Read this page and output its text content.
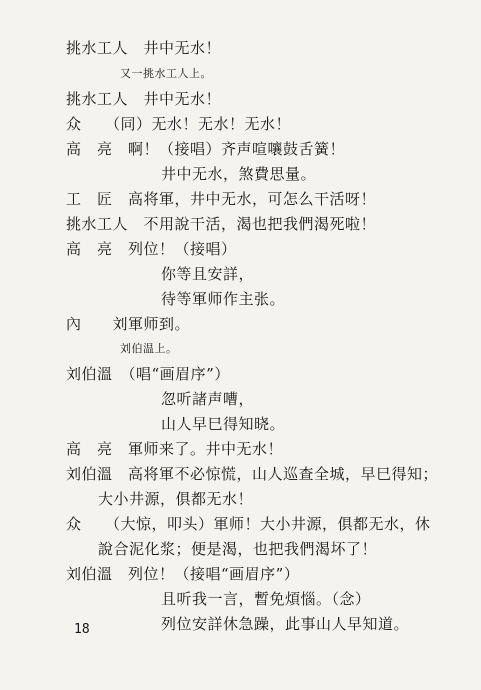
挑水工人　井中无水！
又一挑水工人上。
挑水工人　井中无水！
众　　（同）无水！无水！无水！
高　亮　啊！（接唱）齐声喧嚷鼓舌簧！
井中无水，煞費思量。
工　匠　高将軍，井中无水，可怎么干活呀！
挑水工人　不用說干活，渴也把我們渴死啦！
高　亮　列位！（接唱）
你等且安詳，
待等軍师作主张。
內　　刘軍师到。
刘伯温上。
刘伯溫　（唱“画眉序”）
忽听諸声嘈，
山人早巳得知晓。
高　亮　軍师来了。井中无水！
刘伯溫　高将軍不必惊慌，山人巡查全城，早巳得知；
大小井源，俱都无水！
众　　（大惊，叩头）軍师！大小井源，俱都无水，休
說合泥化浆；便是渴，也把我們渴坏了！
刘伯溫　列位！（接唱“画眉序”）
且听我一言，暫免煩惱。（念）
列位安詳休急躁，此事山人早知道。
18
